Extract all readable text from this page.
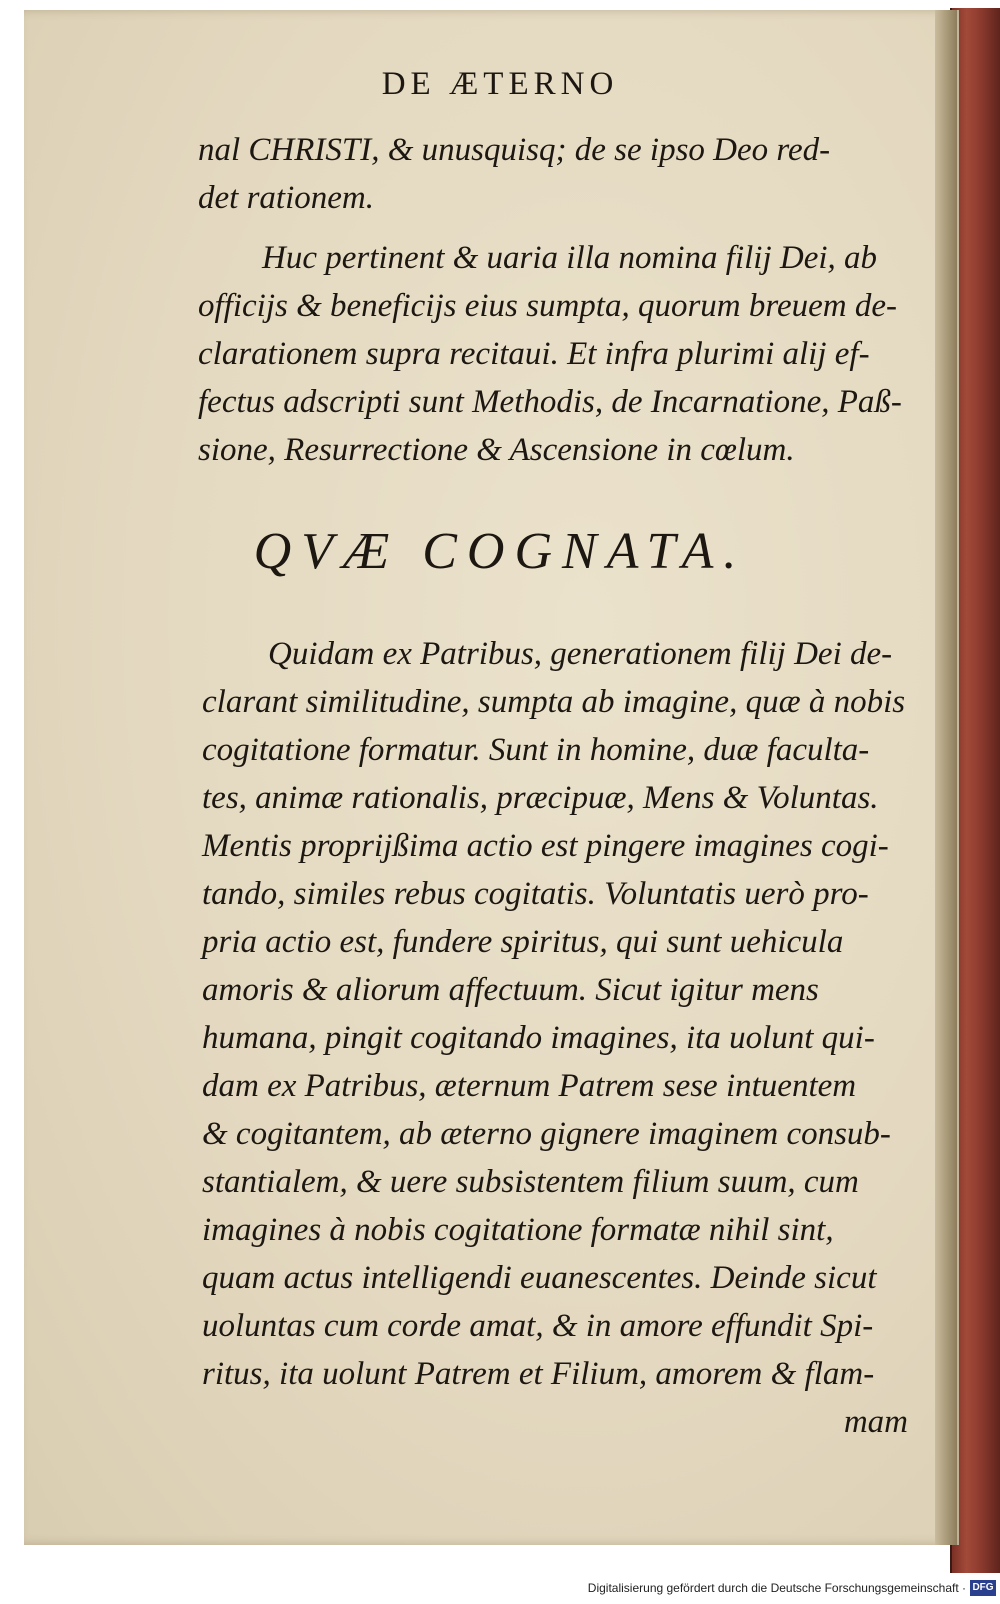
DE ÆTERNO
nal CHRISTI, & unusquisq; de se ipso Deo red-
det rationem.
Huc pertinent & uaria illa nomina filij Dei, ab
officijs & beneficijs eius sumpta, quorum breuem de-
clarationem supra recitaui. Et infra plurimi alij ef-
fectus adscripti sunt Methodis, de Incarnatione, Paß-
sione, Resurrectione & Ascensione in cœlum.
QVÆ COGNATA.
Quidam ex Patribus, generationem filij Dei de-
clarant similitudine, sumpta ab imagine, quæ à nobis
cogitatione formatur. Sunt in homine, duæ faculta-
tes, animæ rationalis, præcipuæ, Mens & Voluntas.
Mentis proprijßima actio est pingere imagines cogi-
tando, similes rebus cogitatis. Voluntatis uerò pro-
pria actio est, fundere spiritus, qui sunt uehicula
amoris & aliorum affectuum. Sicut igitur mens
humana, pingit cogitando imagines, ita uolunt qui-
dam ex Patribus, æternum Patrem sese intuentem
& cogitantem, ab æterno gignere imaginem consub-
stantialem, & uere subsistentem filium suum, cum
imagines à nobis cogitatione formatæ nihil sint,
quam actus intelligendi euanescentes. Deinde sicut
uoluntas cum corde amat, & in amore effundit Spi-
ritus, ita uolunt Patrem et Filium, amorem & flam-
mam
Digitalisierung gefördert durch die Deutsche Forschungsgemeinschaft · DFG
